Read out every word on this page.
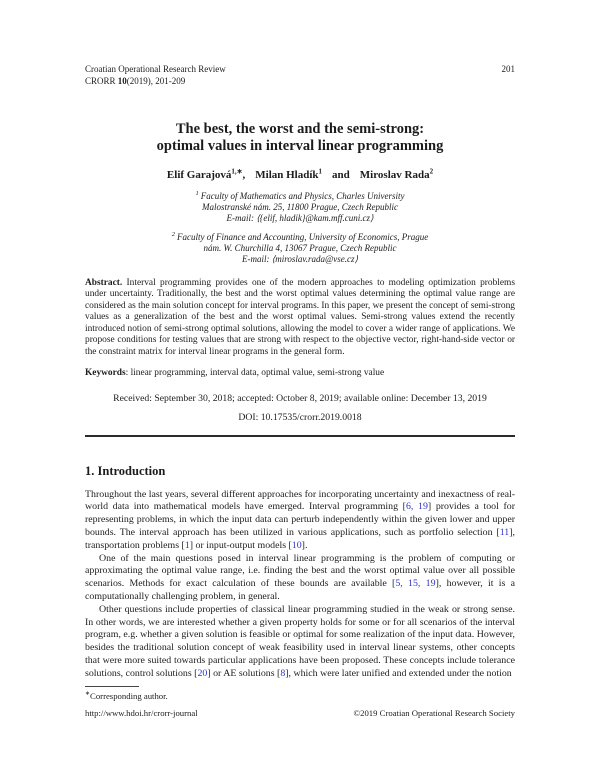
Croatian Operational Research Review
CRORR 10(2019), 201-209
201
The best, the worst and the semi-strong:
optimal values in interval linear programming
Elif Garajová$^{1,∗}$, Milan Hladík$^1$ and Miroslav Rada$^2$
$^1$ Faculty of Mathematics and Physics, Charles University
Malostranské nám. 25, 11800 Prague, Czech Republic
E-mail: ⟨{elif, hladik}@kam.mff.cuni.cz⟩
$^2$ Faculty of Finance and Accounting, University of Economics, Prague
nám. W. Churchilla 4, 13067 Prague, Czech Republic
E-mail: ⟨miroslav.rada@vse.cz⟩

Abstract. Interval programming provides one of the modern approaches to modeling optimization problems under uncertainty. Traditionally, the best and the worst optimal values determining the optimal value range are considered as the main solution concept for interval programs. In this paper, we present the concept of semi-strong values as a generalization of the best and the worst optimal values. Semi-strong values extend the recently introduced notion of semi-strong optimal solutions, allowing the model to cover a wider range of applications. We propose conditions for testing values that are strong with respect to the objective vector, right-hand-side vector or the constraint matrix for interval linear programs in the general form.

Keywords: linear programming, interval data, optimal value, semi-strong value

Received: September 30, 2018; accepted: October 8, 2019; available online: December 13, 2019

DOI: 10.17535/crorr.2019.0018

1. Introduction

Throughout the last years, several different approaches for incorporating uncertainty and inexactness of real-world data into mathematical models have emerged. Interval programming [6, 19] provides a tool for representing problems, in which the input data can perturb independently within the given lower and upper bounds. The interval approach has been utilized in various applications, such as portfolio selection [11], transportation problems [1] or input-output models [10].

One of the main questions posed in interval linear programming is the problem of computing or approximating the optimal value range, i.e. finding the best and the worst optimal value over all possible scenarios. Methods for exact calculation of these bounds are available [5, 15, 19], however, it is a computationally challenging problem, in general.

Other questions include properties of classical linear programming studied in the weak or strong sense. In other words, we are interested whether a given property holds for some or for all scenarios of the interval program, e.g. whether a given solution is feasible or optimal for some realization of the input data. However, besides the traditional solution concept of weak feasibility used in interval linear systems, other concepts that were more suited towards particular applications have been proposed. These concepts include tolerance solutions, control solutions [20] or AE solutions [8], which were later unified and extended under the notion

∗Corresponding author.
http://www.hdoi.hr/crorr-journal	©2019 Croatian Operational Research Society
